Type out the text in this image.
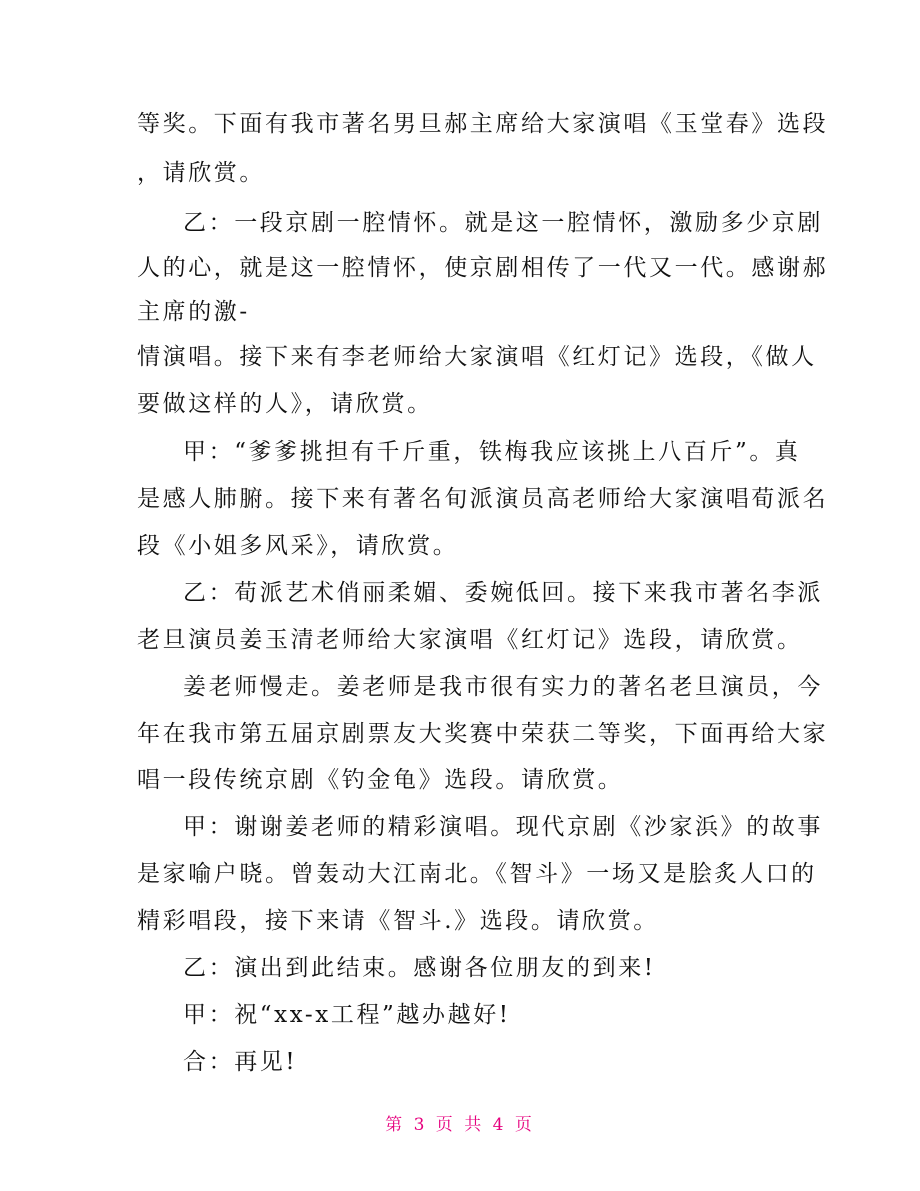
等奖。下面有我市著名男旦郝主席给大家演唱《玉堂春》选段
，请欣赏。
乙：一段京剧一腔情怀。就是这一腔情怀，激励多少京剧
人的心，就是这一腔情怀，使京剧相传了一代又一代。感谢郝
主席的激-
情演唱。接下来有李老师给大家演唱《红灯记》选段，《做人
要做这样的人》，请欣赏。
甲：“爹爹挑担有千斤重，铁梅我应该挑上八百斤”。真
是感人肺腑。接下来有著名旬派演员高老师给大家演唱荀派名
段《小姐多风采》，请欣赏。
乙：荀派艺术俏丽柔媚、委婉低回。接下来我市著名李派
老旦演员姜玉清老师给大家演唱《红灯记》选段，请欣赏。
姜老师慢走。姜老师是我市很有实力的著名老旦演员，今
年在我市第五届京剧票友大奖赛中荣获二等奖，下面再给大家
唱一段传统京剧《钓金龟》选段。请欣赏。
甲：谢谢姜老师的精彩演唱。现代京剧《沙家浜》的故事
是家喻户晓。曾轰动大江南北。《智斗》一场又是脍炙人口的
精彩唱段，接下来请《智斗.》选段。请欣赏。
乙：演出到此结束。感谢各位朋友的到来!
甲：祝“xx-x工程”越办越好!
合：再见!
第 3 页 共 4 页
